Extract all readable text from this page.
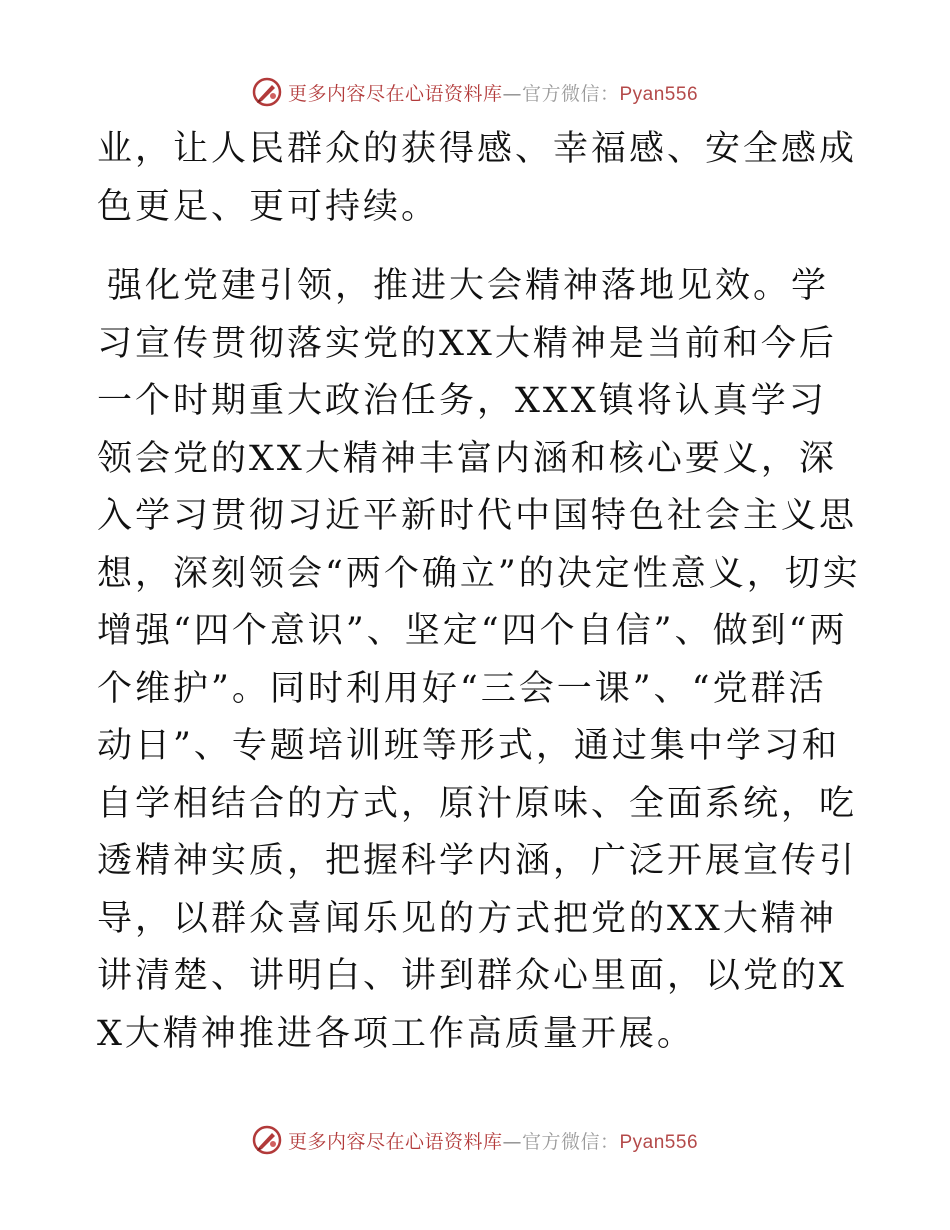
更多内容尽在心语资料库—官方微信：Pyan556

业，让人民群众的获得感、幸福感、安全感成色更足、更可持续。

强化党建引领，推进大会精神落地见效。学习宣传贯彻落实党的XX大精神是当前和今后一个时期重大政治任务，XXX镇将认真学习领会党的XX大精神丰富内涵和核心要义，深入学习贯彻习近平新时代中国特色社会主义思想，深刻领会“两个确立”的决定性意义，切实增强“四个意识”、坚定“四个自信”、做到“两个维护”。同时利用好“三会一课”、“党群活动日”、专题培训班等形式，通过集中学习和自学相结合的方式，原汁原味、全面系统，吃透精神实质，把握科学内涵，广泛开展宣传引导，以群众喜闻乐见的方式把党的XX大精神讲清楚、讲明白、讲到群众心里面，以党的XX大精神推进各项工作高质量开展。

更多内容尽在心语资料库—官方微信：Pyan556
